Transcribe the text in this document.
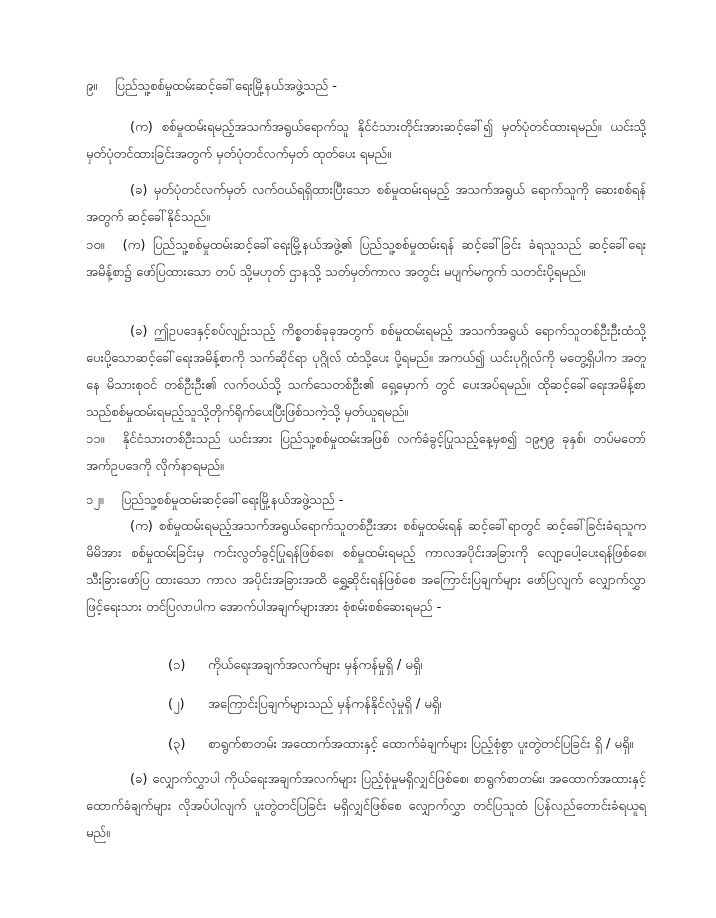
၉။ ပြည်သူ့စစ်မှုထမ်းဆင့်ခေါ်ရေးမြို့နယ်အဖွဲ့သည် -
(က) စစ်မှုထမ်းရမည့်အသက်အရွယ်ရောက်သူ နိုင်ငံသားတိုင်းအားဆင့်ခေါ်၍ မှတ်ပုံတင်ထားရမည်။ ယင်းသို့ မှတ်ပုံတင်ထားခြင်းအတွက် မှတ်ပုံတင်လက်မှတ် ထုတ်ပေး ရမည်။
(ခ) မှတ်ပုံတင်လက်မှတ် လက်ဝယ်ရရှိထားပြီးသော စစ်မှုထမ်းရမည့် အသက်အရွယ် ရောက်သူကို ဆေးစစ်ရန်အတွက် ဆင့်ခေါ်နိုင်သည်။
၁၀။ (က) ပြည်သူ့စစ်မှုထမ်းဆင့်ခေါ်ရေးမြို့နယ်အဖွဲ့၏ ပြည်သူ့စစ်မှုထမ်းရန် ဆင့်ခေါ်ခြင်း ခံရသူသည် ဆင့်ခေါ်ရေးအမိန့်စာ၌ ဖော်ပြထားသော တပ် သို့မဟုတ် ဌာနသို့ သတ်မှတ်ကာလ အတွင်း မပျက်မကွက် သတင်းပို့ရမည်။
(ခ) ဤဥပဒေနှင့်စပ်လျဉ်းသည့် ကိစ္စတစ်ခုခုအတွက် စစ်မှုထမ်းရမည့် အသက်အရွယ် ရောက်သူတစ်ဦးဦးထံသို့ ပေးပို့သောဆင့်ခေါ်ရေးအမိန့်စာကို သက်ဆိုင်ရာ ပုဂ္ဂိုလ် ထံသို့ပေး ပို့ရမည်။ အကယ်၍ ယင်းပုဂ္ဂိုလ်ကို မတွေ့ရှိပါက အတူနေ မိသားစုဝင် တစ်ဦးဦး၏ လက်ဝယ်သို့ သက်သေတစ်ဦး၏ ရှေ့မှောက် တွင် ပေးအပ်ရမည်။ ထိုဆင့်ခေါ်ရေးအမိန့်စာသည်စစ်မှုထမ်းရမည့်သူသို့တိုက်ရိုက်ပေးပြီးဖြစ်သကဲ့သို့ မှတ်ယူရမည်။
၁၁။ နိုင်ငံသားတစ်ဦးသည် ယင်းအား ပြည်သူ့စစ်မှုထမ်းအဖြစ် လက်ခံခွင့်ပြုသည့်နေ့မှစ၍ ၁၉၅၉ ခုနှစ်၊ တပ်မတော်အက်ဥပဒေကို လိုက်နာရမည်။
၁၂။ ပြည်သူ့စစ်မှုထမ်းဆင့်ခေါ်ရေးမြို့နယ်အဖွဲ့သည် -
(က) စစ်မှုထမ်းရမည့်အသက်အရွယ်ရောက်သူတစ်ဦးအား စစ်မှုထမ်းရန် ဆင့်ခေါ်ရာတွင် ဆင့်ခေါ်ခြင်းခံရသူက မိမိအား စစ်မှုထမ်းခြင်းမှ ကင်းလွတ်ခွင့်ပြုရန်ဖြစ်စေ၊ စစ်မှုထမ်းရမည့် ကာလအပိုင်းအခြားကို လျော့ပေါ့ပေးရန်ဖြစ်စေ၊ သီးခြားဖော်ပြ ထားသော ကာလ အပိုင်းအခြားအထိ ရွှေ့ဆိုင်းရန်ဖြစ်စေ အကြောင်းပြချက်များ ဖော်ပြလျက် လျှောက်လွှာ ဖြင့်ရေးသား တင်ပြလာပါက အောက်ပါအချက်များအား စုံစမ်းစစ်ဆေးရမည် -
(၁) ကိုယ်ရေးအချက်အလက်များ မှန်ကန်မှုရှိ / မရှိ၊
(၂) အကြောင်းပြချက်များသည် မှန်ကန်နိုင်လုံမှုရှိ / မရှိ၊
(၃) စာရွက်စာတမ်း အထောက်အထားနှင့် ထောက်ခံချက်များ ပြည့်စုံစွာ ပူးတွဲတင်ပြခြင်း ရှိ / မရှိ။
(ခ) လျှောက်လွှာပါ ကိုယ်ရေးအချက်အလက်များ ပြည့်စုံမှုမရှိလျှင်ဖြစ်စေ၊ စာရွက်စာတမ်း၊ အထောက်အထားနှင့် ထောက်ခံချက်များ လိုအပ်ပါလျက် ပူးတွဲတင်ပြခြင်း မရှိလျှင်ဖြစ်စေ လျှောက်လွှာ တင်ပြသူထံ ပြန်လည်တောင်းခံရယူရမည်။
